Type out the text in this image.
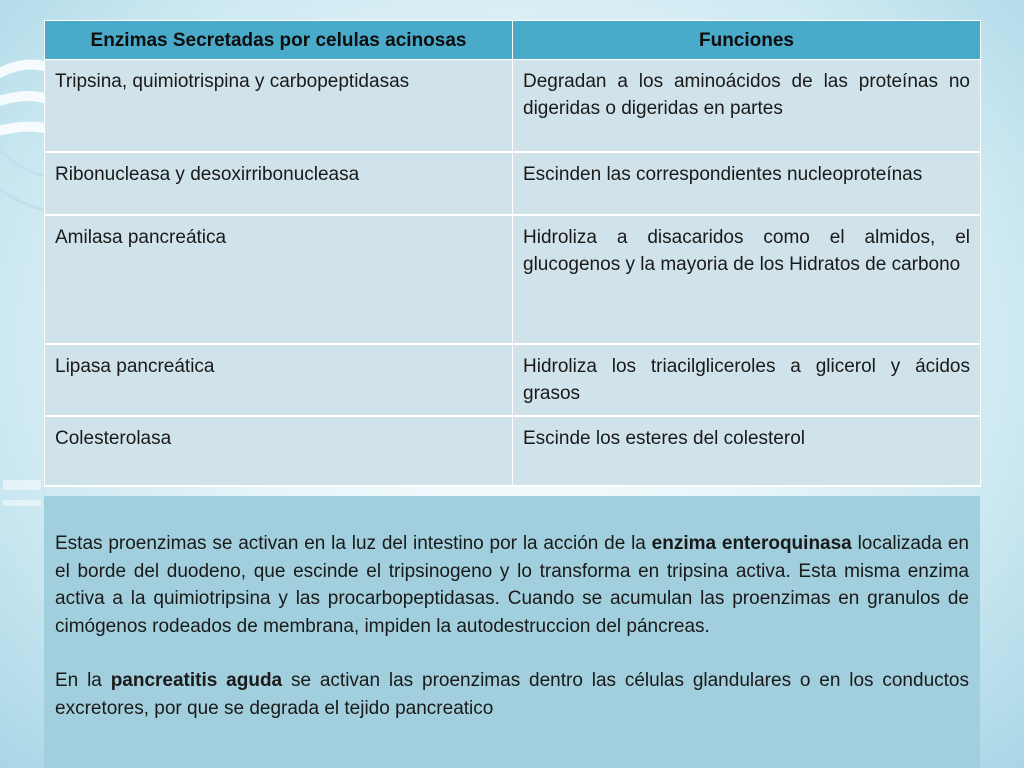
Enzimas Secretadas por celulas acinosas	Funciones
Tripsina, quimiotrispina y carbopeptidasas	Degradan a los aminoácidos de las proteínas no digeridas o digeridas en partes
Ribonucleasa y desoxirribonucleasa	Escinden las correspondientes nucleoproteínas
Amilasa pancreática	Hidroliza a disacaridos como el almidos, el glucogenos y la mayoria de los Hidratos de carbono
Lipasa pancreática	Hidroliza los triacilgliceroles a glicerol y ácidos grasos
Colesterolasa	Escinde los esteres del colesterol

Estas proenzimas se activan en la luz del intestino por la acción de la enzima enteroquinasa localizada en el borde del duodeno, que escinde el tripsinogeno y lo transforma en tripsina activa. Esta misma enzima activa a la quimiotripsina y las procarbopeptidasas. Cuando se acumulan las proenzimas en granulos de cimógenos rodeados de membrana, impiden la autodestruccion del páncreas.

En la pancreatitis aguda se activan las proenzimas dentro las células glandulares o en los conductos excretores, por que se degrada el tejido pancreatico
